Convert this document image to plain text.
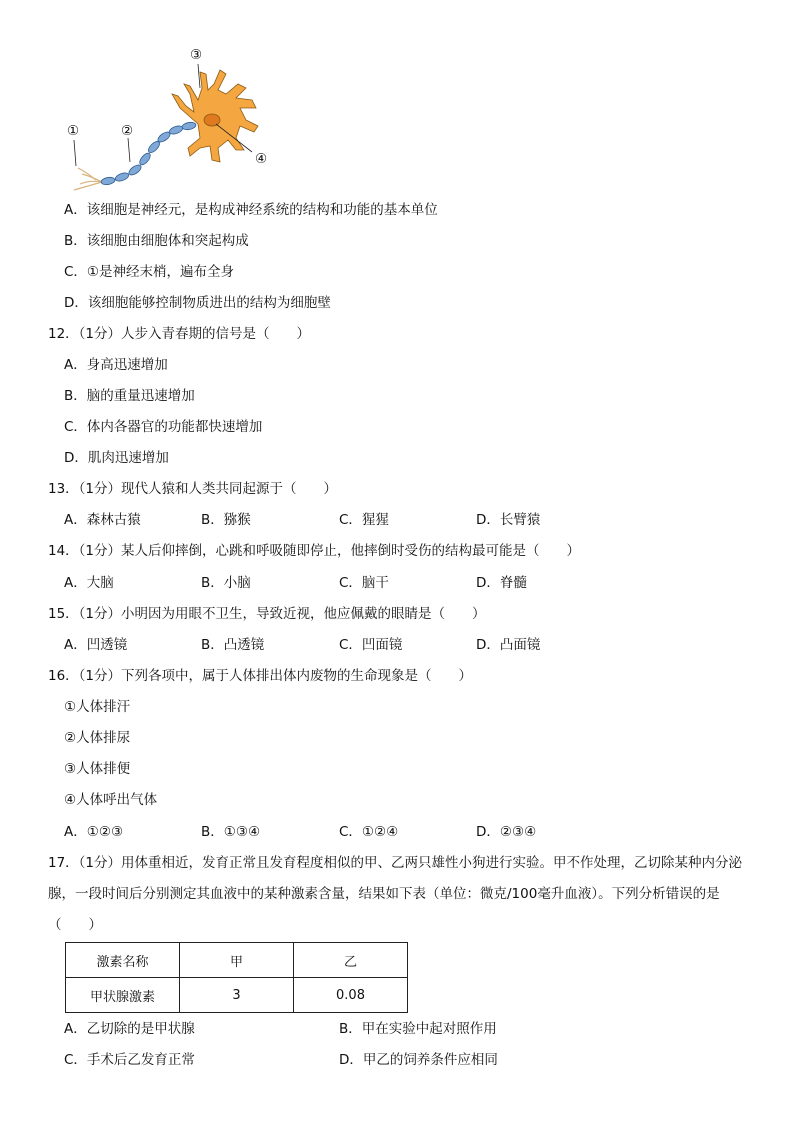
①	②
③
④
A．该细胞是神经元，是构成神经系统的结构和功能的基本单位
B．该细胞由细胞体和突起构成
C．①是神经末梢，遍布全身
D．该细胞能够控制物质进出的结构为细胞壁
12．（1分）人步入青春期的信号是（　　）
A．身高迅速增加
B．脑的重量迅速增加
C．体内各器官的功能都快速增加
D．肌肉迅速增加
13．（1分）现代人猿和人类共同起源于（　　）
A．森林古猿	B．猕猴	C．猩猩	D．长臂猿
14．（1分）某人后仰摔倒，心跳和呼吸随即停止，他摔倒时受伤的结构最可能是（　　）
A．大脑	B．小脑	C．脑干	D．脊髓
15．（1分）小明因为用眼不卫生，导致近视，他应佩戴的眼睛是（　　）
A．凹透镜	B．凸透镜	C．凹面镜	D．凸面镜
16．（1分）下列各项中，属于人体排出体内废物的生命现象是（　　）
①人体排汗
②人体排尿
③人体排便
④人体呼出气体
A．①②③	B．①③④	C．①②④	D．②③④
17．（1分）用体重相近，发育正常且发育程度相似的甲、乙两只雄性小狗进行实验。甲不作处理，乙切除某种内分泌腺，一段时间后分别测定其血液中的某种激素含量，结果如下表（单位：微克/100毫升血液）。下列分析错误的是（　　）
激素名称	甲	乙
甲状腺激素	3	0.08
A．乙切除的是甲状腺	B．甲在实验中起对照作用
C．手术后乙发育正常	D．甲乙的饲养条件应相同
